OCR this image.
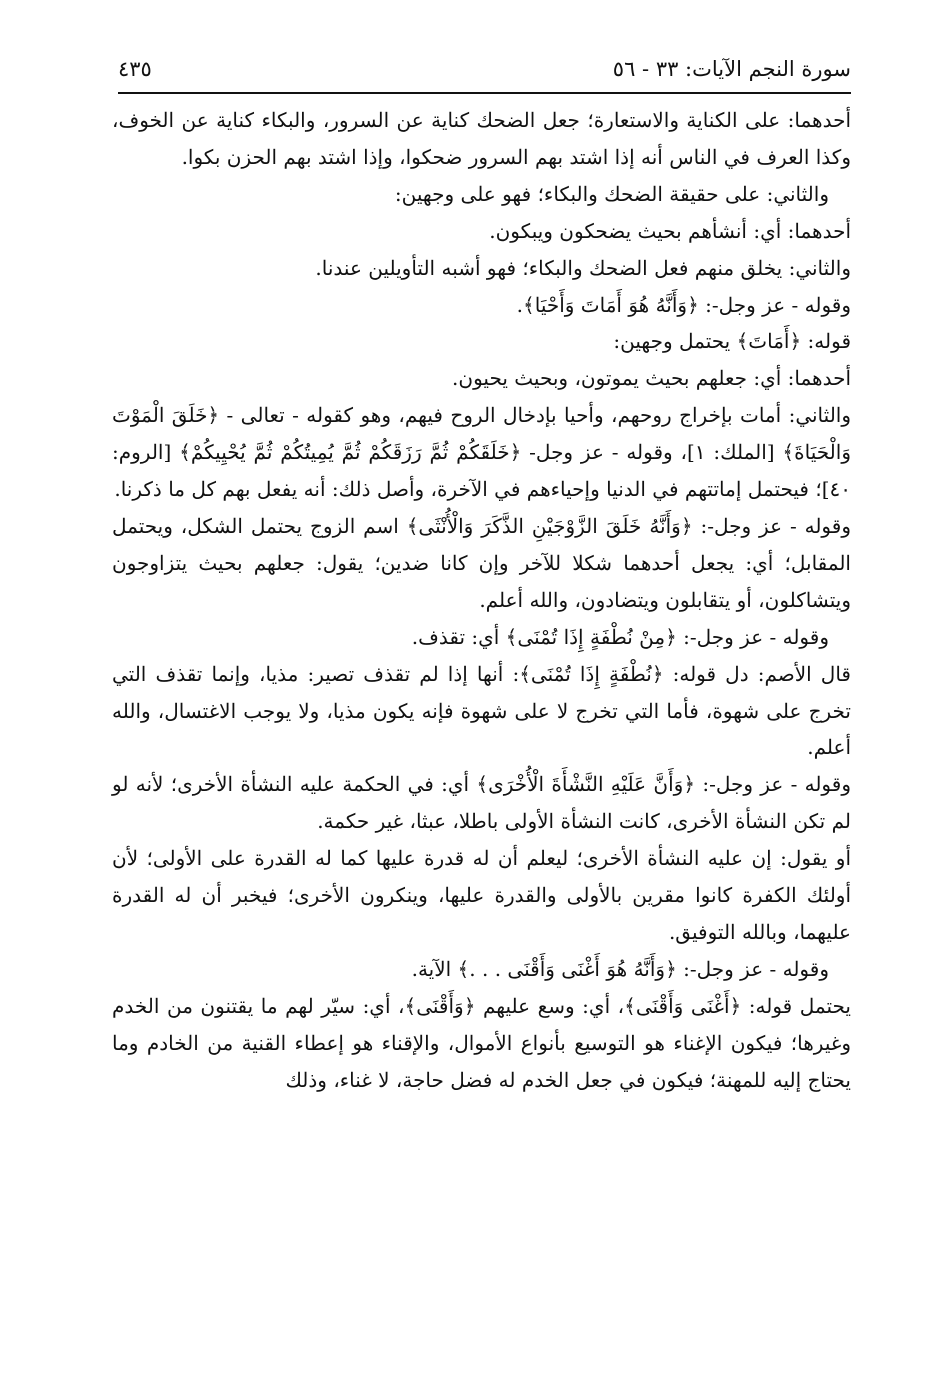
سورة النجم الآيات: ٣٣ - ٥٦
٤٣٥

أحدهما: على الكناية والاستعارة؛ جعل الضحك كناية عن السرور، والبكاء كناية عن الخوف، وكذا العرف في الناس أنه إذا اشتد بهم السرور ضحكوا، وإذا اشتد بهم الحزن بكوا.

والثاني: على حقيقة الضحك والبكاء؛ فهو على وجهين:

أحدهما: أي: أنشأهم بحيث يضحكون ويبكون.

والثاني: يخلق منهم فعل الضحك والبكاء؛ فهو أشبه التأويلين عندنا.

وقوله - عز وجل-: ﴿وَأَنَّهُ هُوَ أَمَاتَ وَأَحْيَا﴾.

قوله: ﴿أَمَاتَ﴾ يحتمل وجهين:

أحدهما: أي: جعلهم بحيث يموتون، وبحيث يحيون.

والثاني: أمات بإخراج روحهم، وأحيا بإدخال الروح فيهم، وهو كقوله - تعالى - ﴿خَلَقَ الْمَوْتَ وَالْحَيَاةَ﴾ [الملك: ١]، وقوله - عز وجل- ﴿خَلَقَكُمْ ثُمَّ رَزَقَكُمْ ثُمَّ يُمِيتُكُمْ ثُمَّ يُحْيِيكُمْ﴾ [الروم: ٤٠]؛ فيحتمل إماتتهم في الدنيا وإحياءهم في الآخرة، وأصل ذلك: أنه يفعل بهم كل ما ذكرنا.

وقوله - عز وجل-: ﴿وَأَنَّهُ خَلَقَ الزَّوْجَيْنِ الذَّكَرَ وَالْأُنْثَى﴾ اسم الزوج يحتمل الشكل، ويحتمل المقابل؛ أي: يجعل أحدهما شكلا للآخر وإن كانا ضدين؛ يقول: جعلهم بحيث يتزاوجون ويتشاكلون، أو يتقابلون ويتضادون، والله أعلم.

وقوله - عز وجل-: ﴿مِنْ نُطْفَةٍ إِذَا تُمْنَى﴾ أي: تقذف.

قال الأصم: دل قوله: ﴿نُطْفَةٍ إِذَا تُمْنَى﴾: أنها إذا لم تقذف تصير: مذيا، وإنما تقذف التي تخرج على شهوة، فأما التي تخرج لا على شهوة فإنه يكون مذيا، ولا يوجب الاغتسال، والله أعلم.

وقوله - عز وجل-: ﴿وَأَنَّ عَلَيْهِ النَّشْأَةَ الْأُخْرَى﴾ أي: في الحكمة عليه النشأة الأخرى؛ لأنه لو لم تكن النشأة الأخرى، كانت النشأة الأولى باطلا، عبثا، غير حكمة.

أو يقول: إن عليه النشأة الأخرى؛ ليعلم أن له قدرة عليها كما له القدرة على الأولى؛ لأن أولئك الكفرة كانوا مقرين بالأولى والقدرة عليها، وينكرون الأخرى؛ فيخبر أن له القدرة عليهما، وبالله التوفيق.

وقوله - عز وجل-: ﴿وَأَنَّهُ هُوَ أَغْنَى وَأَقْنَى . . .﴾ الآية.

يحتمل قوله: ﴿أَغْنَى وَأَقْنَى﴾، أي: وسع عليهم ﴿وَأَقْنَى﴾، أي: سيّر لهم ما يقتنون من الخدم وغيرها؛ فيكون الإغناء هو التوسيع بأنواع الأموال، والإقناء هو إعطاء القنية من الخادم وما يحتاج إليه للمهنة؛ فيكون في جعل الخدم له فضل حاجة، لا غناء، وذلك
